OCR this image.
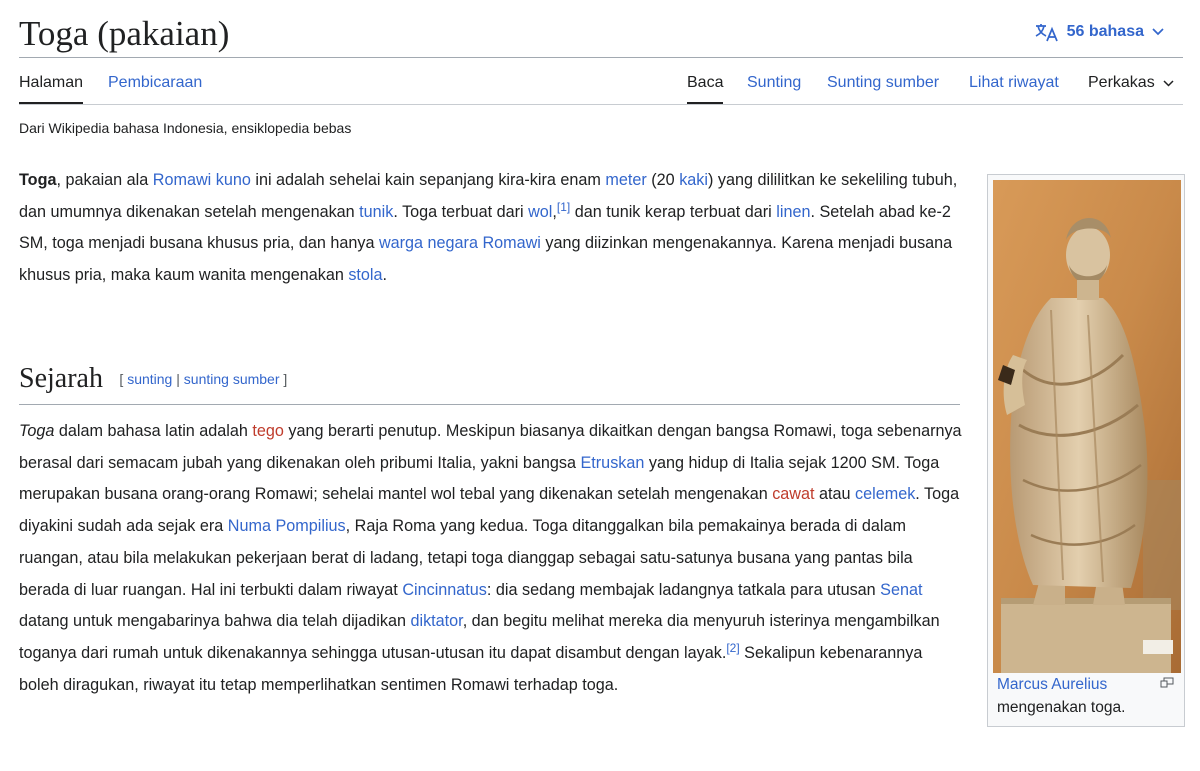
Toga (pakaian)	56 bahasa
Halaman Pembicaraan	Baca Sunting Sunting sumber Lihat riwayat Perkakas
Dari Wikipedia bahasa Indonesia, ensiklopedia bebas

Toga, pakaian ala Romawi kuno ini adalah sehelai kain sepanjang kira-kira enam meter (20 kaki) yang dililitkan ke sekeliling tubuh, dan umumnya dikenakan setelah mengenakan tunik. Toga terbuat dari wol,[1] dan tunik kerap terbuat dari linen. Setelah abad ke-2 SM, toga menjadi busana khusus pria, dan hanya warga negara Romawi yang diizinkan mengenakannya. Karena menjadi busana khusus pria, maka kaum wanita mengenakan stola.

Sejarah [ sunting | sunting sumber ]

Toga dalam bahasa latin adalah tego yang berarti penutup. Meskipun biasanya dikaitkan dengan bangsa Romawi, toga sebenarnya berasal dari semacam jubah yang dikenakan oleh pribumi Italia, yakni bangsa Etruskan yang hidup di Italia sejak 1200 SM. Toga merupakan busana orang-orang Romawi; sehelai mantel wol tebal yang dikenakan setelah mengenakan cawat atau celemek. Toga diyakini sudah ada sejak era Numa Pompilius, Raja Roma yang kedua. Toga ditanggalkan bila pemakainya berada di dalam ruangan, atau bila melakukan pekerjaan berat di ladang, tetapi toga dianggap sebagai satu-satunya busana yang pantas bila berada di luar ruangan. Hal ini terbukti dalam riwayat Cincinnatus: dia sedang membajak ladangnya tatkala para utusan Senat datang untuk mengabarinya bahwa dia telah dijadikan diktator, dan begitu melihat mereka dia menyuruh isterinya mengambilkan toganya dari rumah untuk dikenakannya sehingga utusan-utusan itu dapat disambut dengan layak.[2] Sekalipun kebenarannya boleh diragukan, riwayat itu tetap memperlihatkan sentimen Romawi terhadap toga.	Marcus Aurelius mengenakan toga.
